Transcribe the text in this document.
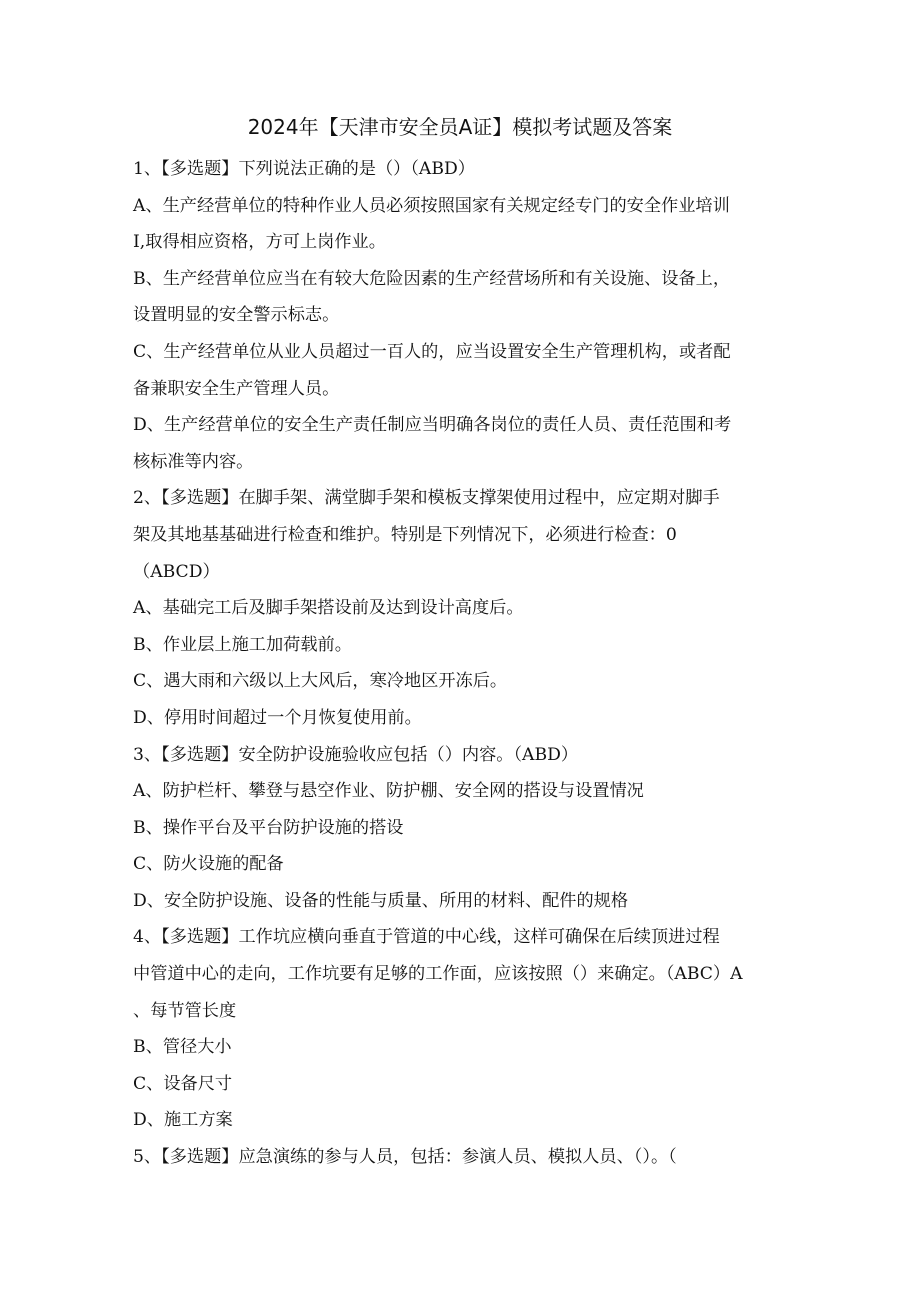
2024年【天津市安全员A证】模拟考试题及答案
1、【多选题】下列说法正确的是（）（ABD）
A、生产经营单位的特种作业人员必须按照国家有关规定经专门的安全作业培训
I,取得相应资格，方可上岗作业。
B、生产经营单位应当在有较大危险因素的生产经营场所和有关设施、设备上，
设置明显的安全警示标志。
C、生产经营单位从业人员超过一百人的，应当设置安全生产管理机构，或者配
备兼职安全生产管理人员。
D、生产经营单位的安全生产责任制应当明确各岗位的责任人员、责任范围和考
核标准等内容。
2、【多选题】在脚手架、满堂脚手架和模板支撑架使用过程中，应定期对脚手
架及其地基基础进行检查和维护。特别是下列情况下，必须进行检查：0
（ABCD）
A、基础完工后及脚手架搭设前及达到设计高度后。
B、作业层上施工加荷载前。
C、遇大雨和六级以上大风后，寒冷地区开冻后。
D、停用时间超过一个月恢复使用前。
3、【多选题】安全防护设施验收应包括（）内容。（ABD）
A、防护栏杆、攀登与悬空作业、防护棚、安全网的搭设与设置情况
B、操作平台及平台防护设施的搭设
C、防火设施的配备
D、安全防护设施、设备的性能与质量、所用的材料、配件的规格
4、【多选题】工作坑应横向垂直于管道的中心线，这样可确保在后续顶进过程
中管道中心的走向，工作坑要有足够的工作面，应该按照（）来确定。（ABC）A
、每节管长度
B、管径大小
C、设备尺寸
D、施工方案
5、【多选题】应急演练的参与人员，包括：参演人员、模拟人员、（）。（
